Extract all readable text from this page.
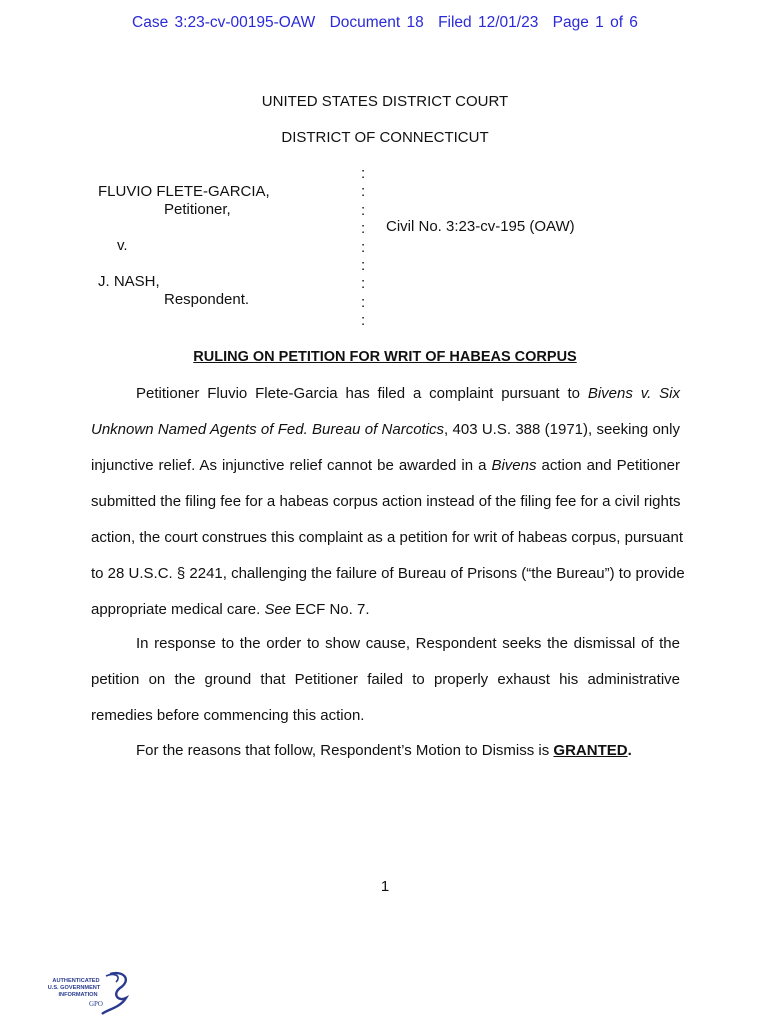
Case 3:23-cv-00195-OAW Document 18 Filed 12/01/23 Page 1 of 6
UNITED STATES DISTRICT COURT
DISTRICT OF CONNECTICUT
FLUVIO FLETE-GARCIA,
Petitioner,
v.
J. NASH,
Respondent.
:
:
:
:
:
:
:
:
:
Civil No. 3:23-cv-195 (OAW)
RULING ON PETITION FOR WRIT OF HABEAS CORPUS
Petitioner Fluvio Flete-Garcia has filed a complaint pursuant to Bivens v. Six
Unknown Named Agents of Fed. Bureau of Narcotics, 403 U.S. 388 (1971), seeking only
injunctive relief. As injunctive relief cannot be awarded in a Bivens action and Petitioner
submitted the filing fee for a habeas corpus action instead of the filing fee for a civil rights
action, the court construes this complaint as a petition for writ of habeas corpus, pursuant
to 28 U.S.C. § 2241, challenging the failure of Bureau of Prisons (“the Bureau”) to provide
appropriate medical care. See ECF No. 7.
In response to the order to show cause, Respondent seeks the dismissal of the
petition on the ground that Petitioner failed to properly exhaust his administrative
remedies before commencing this action.
For the reasons that follow, Respondent’s Motion to Dismiss is GRANTED.
1
AUTHENTICATED
U.S. GOVERNMENT
INFORMATION
GPO
